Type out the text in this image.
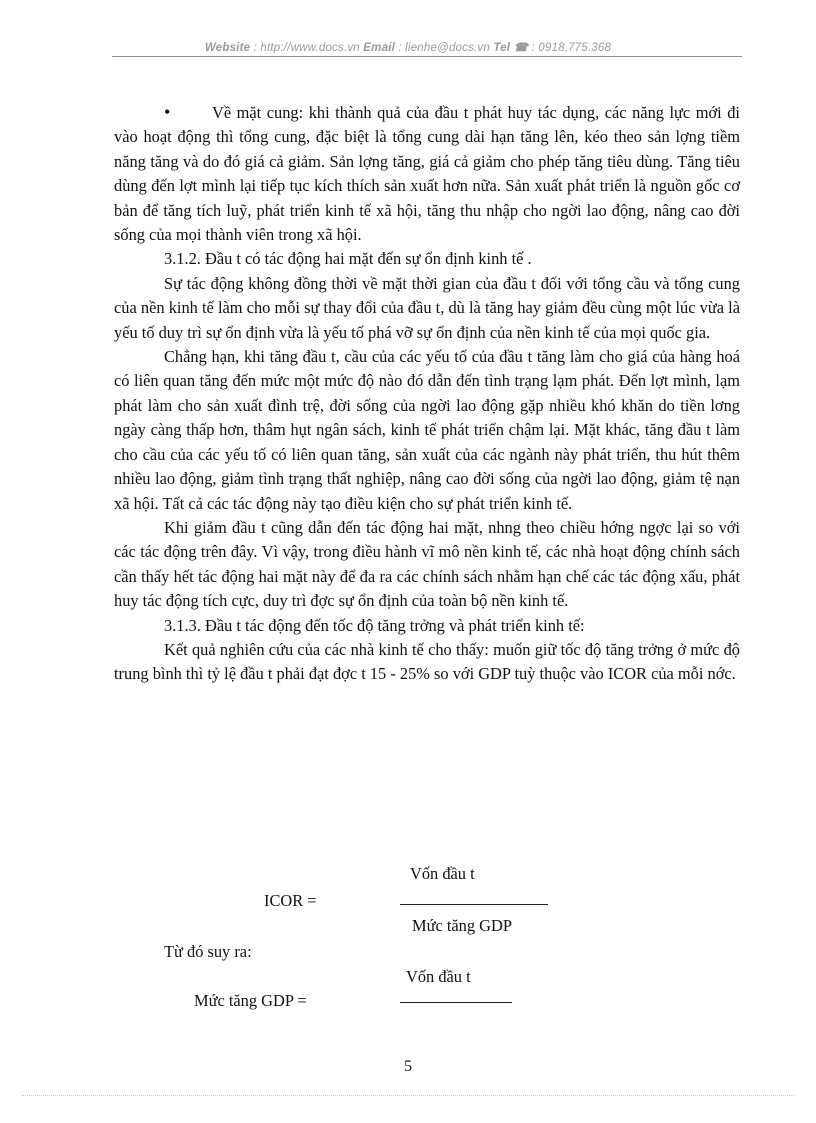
Website : http://www.docs.vn Email : lienhe@docs.vn Tel ☎ : 0918.775.368

•	Về mặt cung: khi thành quả của đầu t phát huy tác dụng, các năng lực mới đi vào hoạt động thì tổng cung, đặc biệt là tổng cung dài hạn tăng lên, kéo theo sản lợng tiềm năng tăng và do đó giá cả giảm. Sản lợng tăng, giá cả giảm cho phép tăng tiêu dùng. Tăng tiêu dùng đến lợt mình lại tiếp tục kích thích sản xuất hơn nữa. Sản xuất phát triển là nguồn gốc cơ bản để tăng tích luỹ, phát triển kinh tế xã hội, tăng thu nhập cho ngời lao động, nâng cao đời sống của mọi thành viên trong xã hội.

3.1.2. Đầu t có tác động hai mặt đến sự ổn định kinh tế .

Sự tác động không đồng thời về mặt thời gian của đầu t đối với tổng cầu và tổng cung của nền kinh tế làm cho mỗi sự thay đổi của đầu t, dù là tăng hay giảm đều cùng một lúc vừa là yếu tố duy trì sự ổn định vừa là yếu tố phá vỡ sự ổn định của nền kinh tế của mọi quốc gia.

Chẳng hạn, khi tăng đầu t, cầu của các yếu tố của đầu t tăng làm cho giá của hàng hoá có liên quan tăng đến mức một mức độ nào đó dẫn đến tình trạng lạm phát. Đến lợt mình, lạm phát làm cho sản xuất đình trệ, đời sống của ngời lao động gặp nhiều khó khăn do tiền lơng ngày càng thấp hơn, thâm hụt ngân sách, kinh tế phát triển chậm lại. Mặt khác, tăng đầu t làm cho cầu của các yếu tố có liên quan tăng, sản xuất của các ngành này phát triển, thu hút thêm nhiều lao động, giảm tình trạng thất nghiệp, nâng cao đời sống của ngời lao động, giảm tệ nạn xã hội. Tất cả các tác động này tạo điều kiện cho sự phát triển kinh tế.

Khi giảm đầu t cũng dẫn đến tác động hai mặt, nhng theo chiều hớng ngợc lại so với các tác động trên đây. Vì vậy, trong điều hành vĩ mô nền kinh tế, các nhà hoạt động chính sách cần thấy hết tác động hai mặt này để đa ra các chính sách nhằm hạn chế các tác động xấu, phát huy tác động tích cực, duy trì đợc sự ổn định của toàn bộ nền kinh tế.

3.1.3. Đầu t tác động đến tốc độ tăng trởng và phát triển kinh tế:

Kết quả nghiên cứu của các nhà kinh tế cho thấy: muốn giữ tốc độ tăng trởng ở mức độ trung bình thì tỷ lệ đầu t phải đạt đợc t 15 - 25% so với GDP tuỳ thuộc vào ICOR của mỗi nớc.

Vốn đầu t
ICOR =
Mức tăng GDP
Từ đó suy ra:
Vốn đầu t
Mức tăng GDP =
5
